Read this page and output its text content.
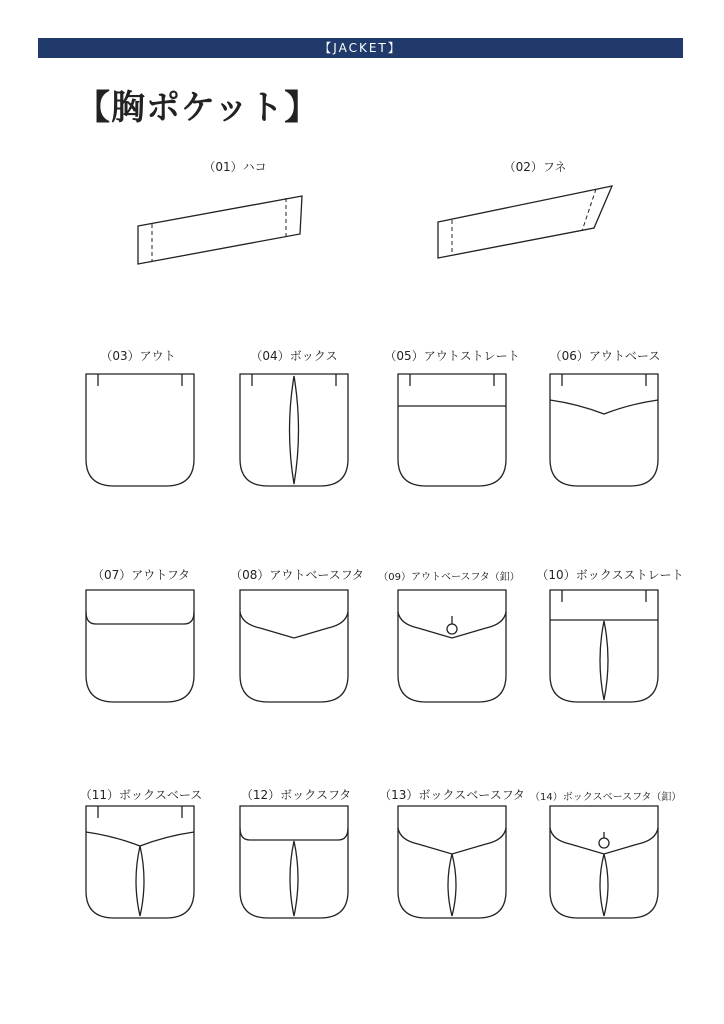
【JACKET】
【胸ポケット】
（01）ハコ	（02）フネ
（03）アウト	（04）ボックス	（05）アウトストレート	（06）アウトベース
（07）アウトフタ	（08）アウトベースフタ	（09）アウトベースフタ（釦）	（10）ボックスストレート
（11）ボックスベース	（12）ボックスフタ	（13）ボックスベースフタ （14）ボックスベースフタ（釦）
